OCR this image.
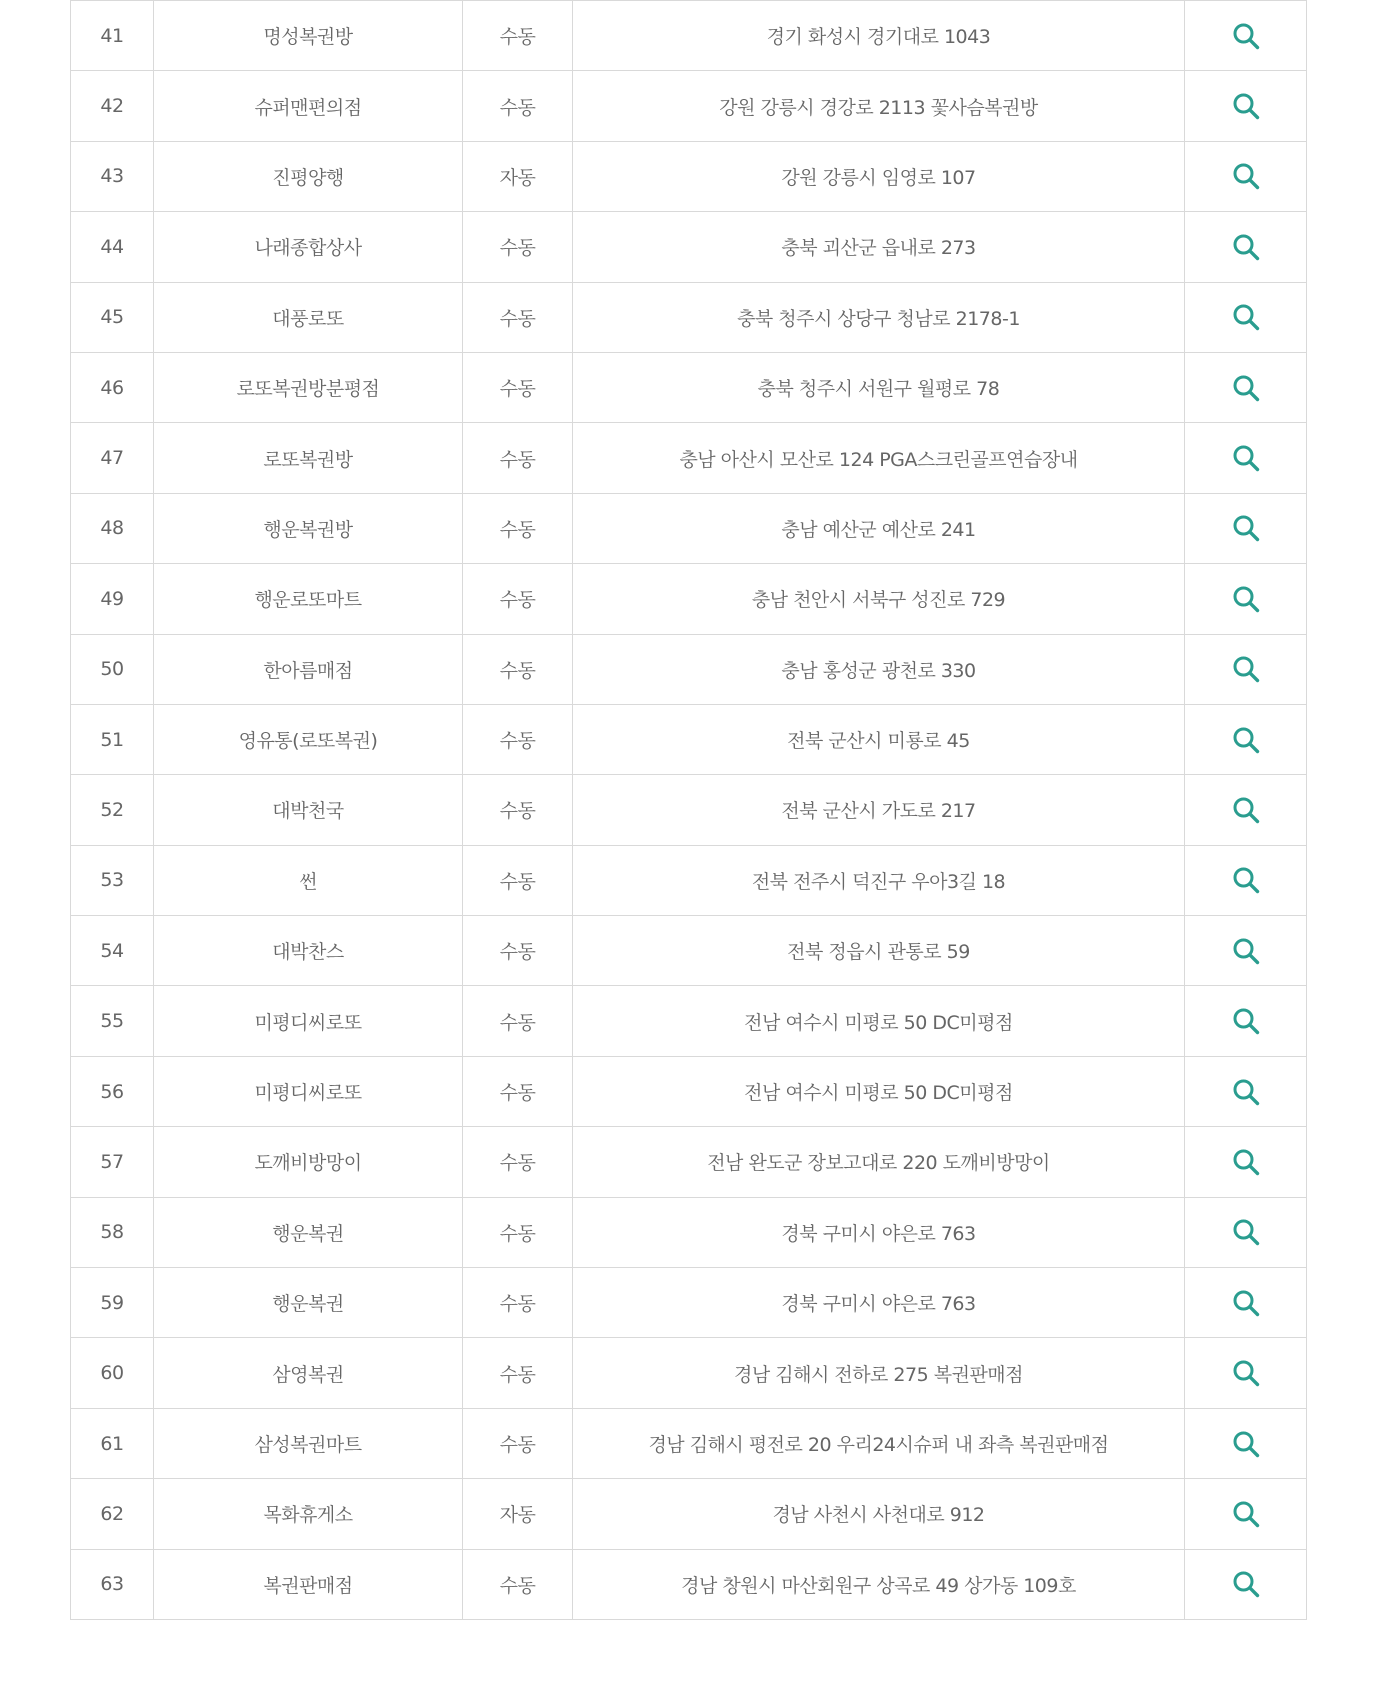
41	명성복권방	수동	경기 화성시 경기대로 1043	

42	슈퍼맨편의점	수동	강원 강릉시 경강로 2113 꽃사슴복권방	

43	진평양행	자동	강원 강릉시 임영로 107	

44	나래종합상사	수동	충북 괴산군 읍내로 273	

45	대풍로또	수동	충북 청주시 상당구 청남로 2178-1	

46	로또복권방분평점	수동	충북 청주시 서원구 월평로 78	

47	로또복권방	수동	충남 아산시 모산로 124 PGA스크린골프연습장내	

48	행운복권방	수동	충남 예산군 예산로 241	

49	행운로또마트	수동	충남 천안시 서북구 성진로 729	

50	한아름매점	수동	충남 홍성군 광천로 330	

51	영유통(로또복권)	수동	전북 군산시 미룡로 45	

52	대박천국	수동	전북 군산시 가도로 217	

53	썬	수동	전북 전주시 덕진구 우아3길 18	

54	대박찬스	수동	전북 정읍시 관통로 59	

55	미평디씨로또	수동	전남 여수시 미평로 50 DC미평점	

56	미평디씨로또	수동	전남 여수시 미평로 50 DC미평점	

57	도깨비방망이	수동	전남 완도군 장보고대로 220 도깨비방망이	

58	행운복권	수동	경북 구미시 야은로 763	

59	행운복권	수동	경북 구미시 야은로 763	

60	삼영복권	수동	경남 김해시 전하로 275 복권판매점	

61	삼성복권마트	수동	경남 김해시 평전로 20 우리24시슈퍼 내 좌측 복권판매점	

62	목화휴게소	자동	경남 사천시 사천대로 912	

63	복권판매점	수동	경남 창원시 마산회원구 상곡로 49 상가동 109호	
